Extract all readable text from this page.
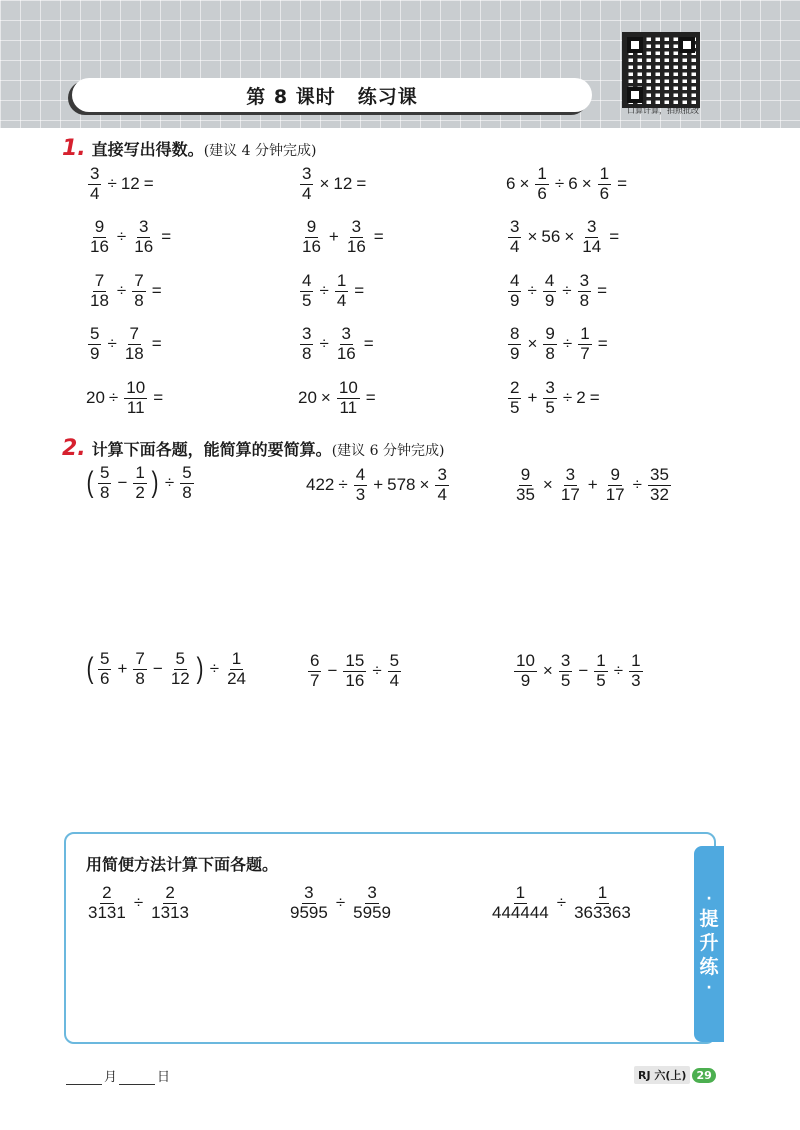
第 8 课时 练习课
口算计算，拍照批改
1. 直接写出得数。 (建议 4 分钟完成)
$\frac{3}{4} \div 12$ =	$\frac{3}{4} \times 12$ =	$6 \times \frac{1}{6} \div 6 \times \frac{1}{6}$ =
$\frac{9}{16} \div \frac{3}{16}$ =	$\frac{9}{16} + \frac{3}{16}$ =	$\frac{3}{4} \times 56 \times \frac{3}{14}$ =
$\frac{7}{18} \div \frac{7}{8}$ =	$\frac{4}{5} \div \frac{1}{4}$ =	$\frac{4}{9} \div \frac{4}{9} \div \frac{3}{8}$ =
$\frac{5}{9} \div \frac{7}{18}$ =	$\frac{3}{8} \div \frac{3}{16}$ =	$\frac{8}{9} \times \frac{9}{8} \div \frac{1}{7}$ =
$20 \div \frac{10}{11}$ =	$20 \times \frac{10}{11}$ =	$\frac{2}{5} + \frac{3}{5} \div 2$ =
2. 计算下面各题，能简算的要简算。 (建议 6 分钟完成)
( $\frac{5}{8} - \frac{1}{2}$ ) ÷ $\frac{5}{8}$	$422 \div \frac{4}{3} + 578 \times \frac{3}{4}$	$\frac{9}{35} \times \frac{3}{17} + \frac{9}{17} \div \frac{35}{32}$
( $\frac{5}{6} + \frac{7}{8} - \frac{5}{12}$ ) ÷ $\frac{1}{24}$	$\frac{6}{7} - \frac{15}{16} \div \frac{5}{4}$	$\frac{10}{9} \times \frac{3}{5} - \frac{1}{5} \div \frac{1}{3}$
用简便方法计算下面各题。
·
提
升
练
·
$\frac{2}{3131} \div \frac{2}{1313}$	$\frac{3}{9595} \div \frac{3}{5959}$	$\frac{1}{444444} \div \frac{1}{363363}$
月	日	RJ 六(上) 29
